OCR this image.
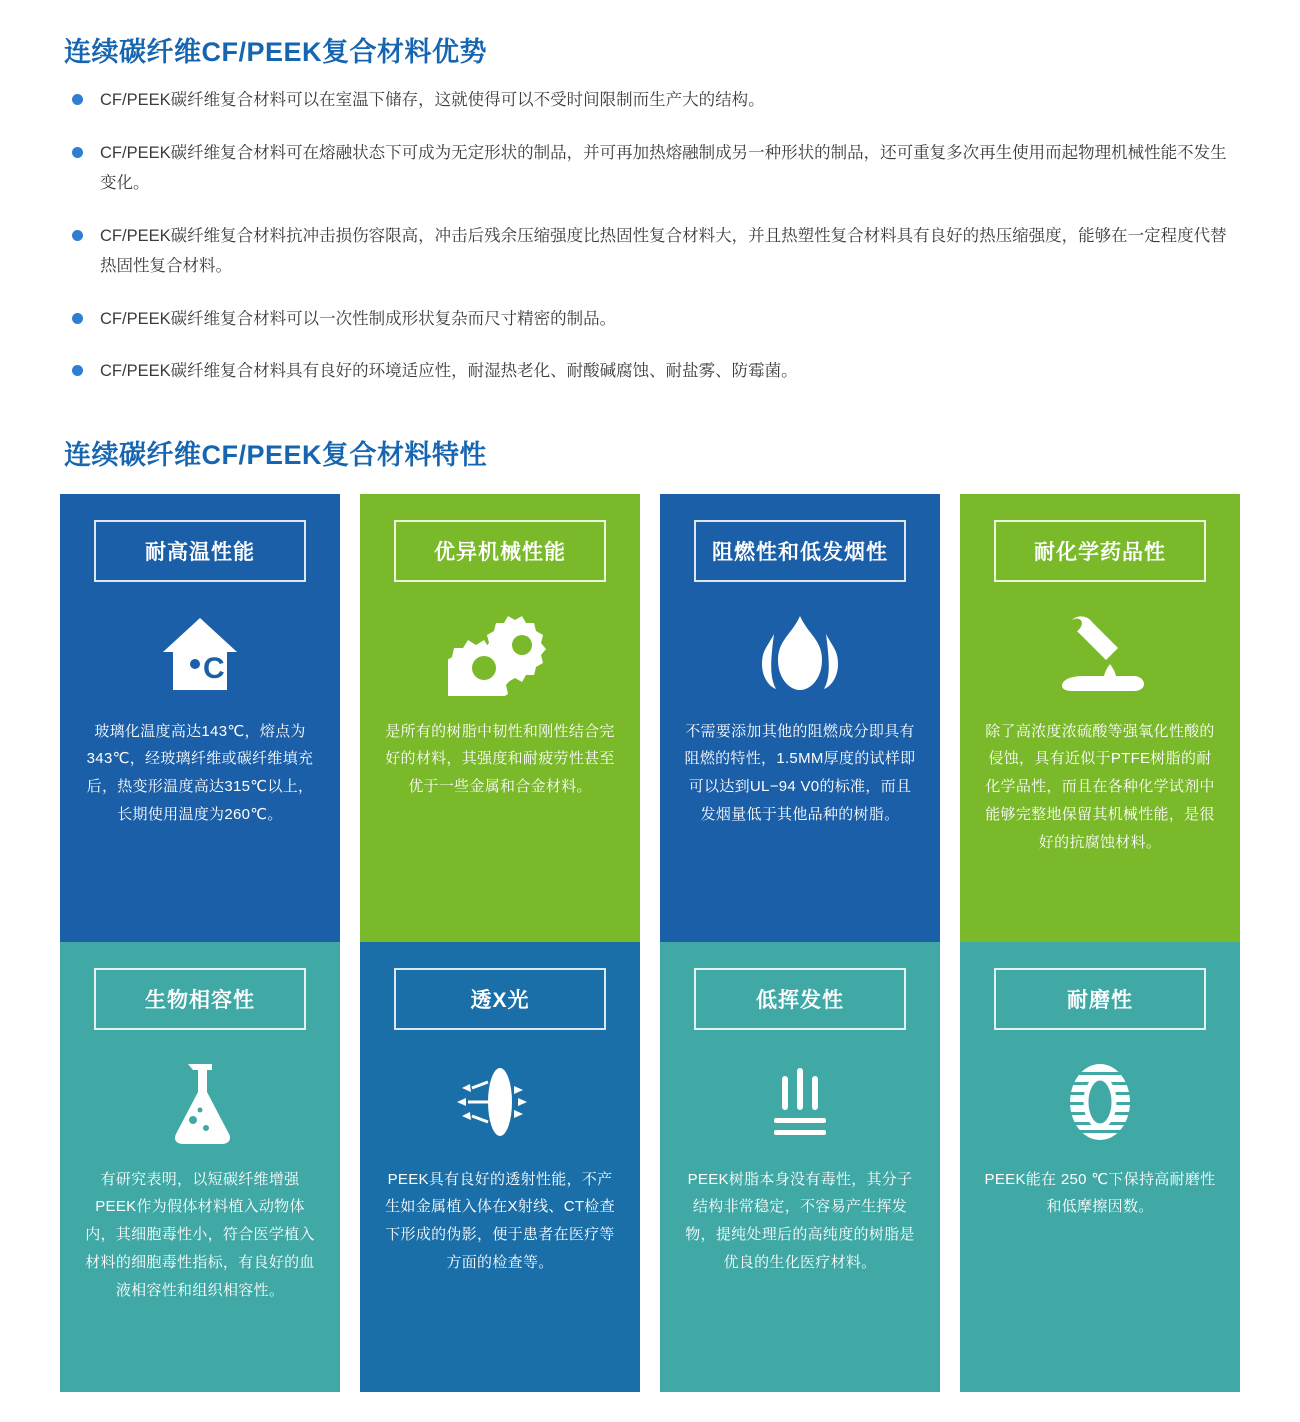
连续碳纤维CF/PEEK复合材料优势
CF/PEEK碳纤维复合材料可以在室温下储存，这就使得可以不受时间限制而生产大的结构。
CF/PEEK碳纤维复合材料可在熔融状态下可成为无定形状的制品，并可再加热熔融制成另一种形状的制品，还可重复多次再生使用而起物理机械性能不发生变化。
CF/PEEK碳纤维复合材料抗冲击损伤容限高，冲击后残余压缩强度比热固性复合材料大，并且热塑性复合材料具有良好的热压缩强度，能够在一定程度代替热固性复合材料。
CF/PEEK碳纤维复合材料可以一次性制成形状复杂而尺寸精密的制品。
CF/PEEK碳纤维复合材料具有良好的环境适应性，耐湿热老化、耐酸碱腐蚀、耐盐雾、防霉菌。
连续碳纤维CF/PEEK复合材料特性
耐高温性能
C
玻璃化温度高达143℃，熔点为343℃，经玻璃纤维或碳纤维填充后，热变形温度高达315℃以上，长期使用温度为260℃。
优异机械性能
是所有的树脂中韧性和刚性结合完好的材料，其强度和耐疲劳性甚至优于一些金属和合金材料。
阻燃性和低发烟性
不需要添加其他的阻燃成分即具有阻燃的特性，1.5MM厚度的试样即可以达到UL−94 V0的标准，而且发烟量低于其他品种的树脂。
耐化学药品性
除了高浓度浓硫酸等强氧化性酸的侵蚀，具有近似于PTFE树脂的耐化学品性，而且在各种化学试剂中能够完整地保留其机械性能，是很好的抗腐蚀材料。
生物相容性
有研究表明，以短碳纤维增强PEEK作为假体材料植入动物体内，其细胞毒性小，符合医学植入材料的细胞毒性指标，有良好的血液相容性和组织相容性。
透X光
PEEK具有良好的透射性能，不产生如金属植入体在X射线、CT检查下形成的伪影，便于患者在医疗等方面的检查等。
低挥发性
PEEK树脂本身没有毒性，其分子结构非常稳定，不容易产生挥发物，提纯处理后的高纯度的树脂是优良的生化医疗材料。
耐磨性
PEEK能在 250 ℃下保持高耐磨性和低摩擦因数。
